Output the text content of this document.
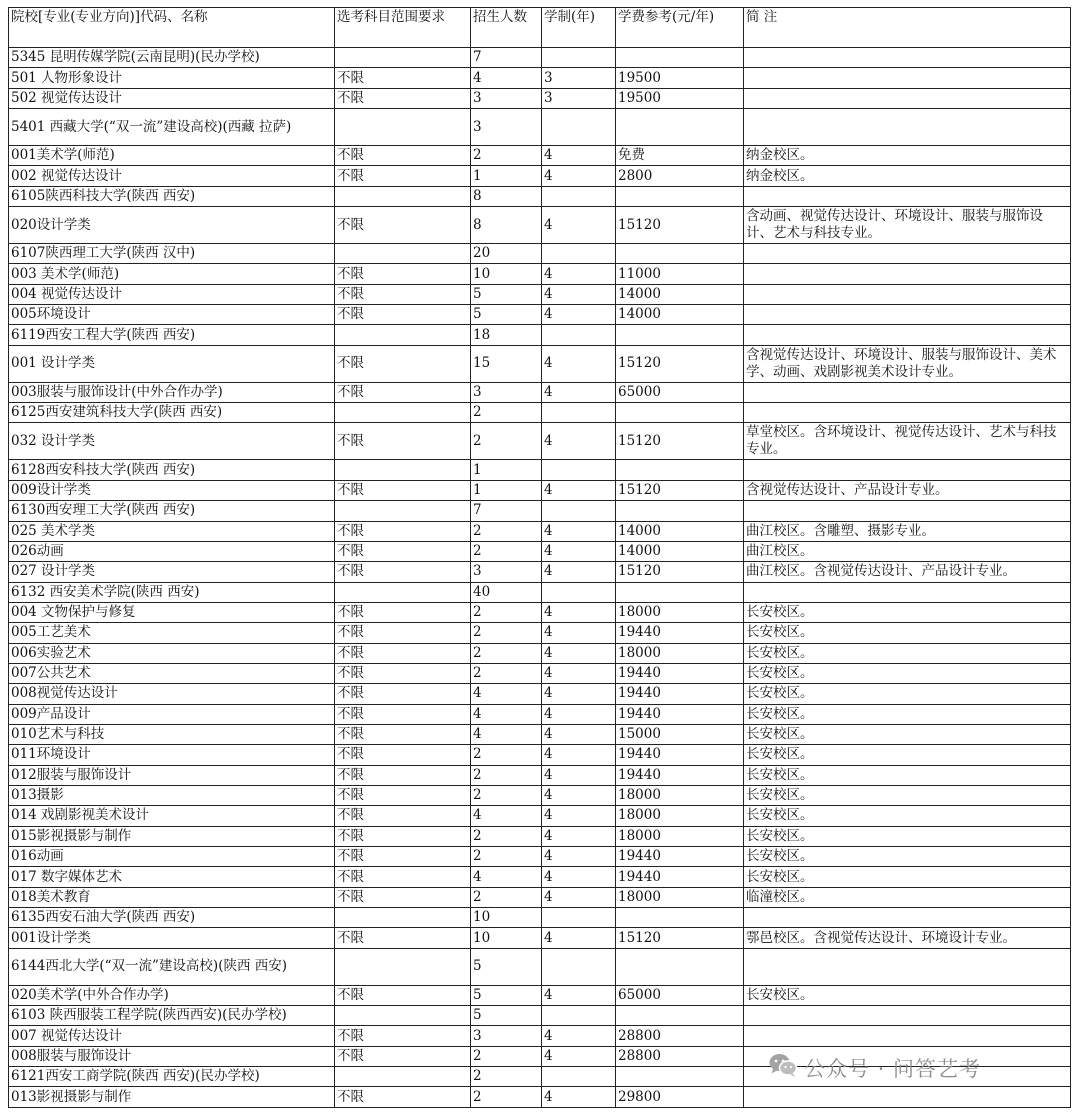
院校[专业(专业方向)]代码、名称	选考科目范围要求	招生人数	学制(年)	学费参考(元/年)	简 注
5345 昆明传媒学院(云南昆明)(民办学校)		7			
501 人物形象设计	不限	4	3	19500	
502 视觉传达设计	不限	3	3	19500	
5401 西藏大学(“双一流”建设高校)(西藏 拉萨)		3			
001美术学(师范)	不限	2	4	免费	纳金校区。
002 视觉传达设计	不限	1	4	2800	纳金校区。
6105陕西科技大学(陕西 西安)		8			
020设计学类	不限	8	4	15120	含动画、视觉传达设计、环境设计、服装与服饰设计、艺术与科技专业。
6107陕西理工大学(陕西 汉中)		20			
003 美术学(师范)	不限	10	4	11000	
004 视觉传达设计	不限	5	4	14000	
005环境设计	不限	5	4	14000	
6119西安工程大学(陕西 西安)		18			
001 设计学类	不限	15	4	15120	含视觉传达设计、环境设计、服装与服饰设计、美术学、动画、戏剧影视美术设计专业。
003服装与服饰设计(中外合作办学)	不限	3	4	65000	
6125西安建筑科技大学(陕西 西安)		2			
032 设计学类	不限	2	4	15120	草堂校区。含环境设计、视觉传达设计、艺术与科技专业。
6128西安科技大学(陕西 西安)		1			
009设计学类	不限	1	4	15120	含视觉传达设计、产品设计专业。
6130西安理工大学(陕西 西安)		7			
025 美术学类	不限	2	4	14000	曲江校区。含雕塑、摄影专业。
026动画	不限	2	4	14000	曲江校区。
027 设计学类	不限	3	4	15120	曲江校区。含视觉传达设计、产品设计专业。
6132 西安美术学院(陕西 西安)		40			
004 文物保护与修复	不限	2	4	18000	长安校区。
005工艺美术	不限	2	4	19440	长安校区。
006实验艺术	不限	2	4	18000	长安校区。
007公共艺术	不限	2	4	19440	长安校区。
008视觉传达设计	不限	4	4	19440	长安校区。
009产品设计	不限	4	4	19440	长安校区。
010艺术与科技	不限	4	4	15000	长安校区。
011环境设计	不限	2	4	19440	长安校区。
012服装与服饰设计	不限	2	4	19440	长安校区。
013摄影	不限	2	4	18000	长安校区。
014 戏剧影视美术设计	不限	4	4	18000	长安校区。
015影视摄影与制作	不限	2	4	18000	长安校区。
016动画	不限	2	4	19440	长安校区。
017 数字媒体艺术	不限	4	4	19440	长安校区。
018美术教育	不限	2	4	18000	临潼校区。
6135西安石油大学(陕西 西安)		10			
001设计学类	不限	10	4	15120	鄠邑校区。含视觉传达设计、环境设计专业。
6144西北大学(“双一流”建设高校)(陕西 西安)		5			
020美术学(中外合作办学)	不限	5	4	65000	长安校区。
6103 陕西服装工程学院(陕西西安)(民办学校)		5			
007 视觉传达设计	不限	3	4	28800	
008服装与服饰设计	不限	2	4	28800	
6121西安工商学院(陕西 西安)(民办学校)		2			
013影视摄影与制作	不限	2	4	29800	
公众号 · 问答艺考
